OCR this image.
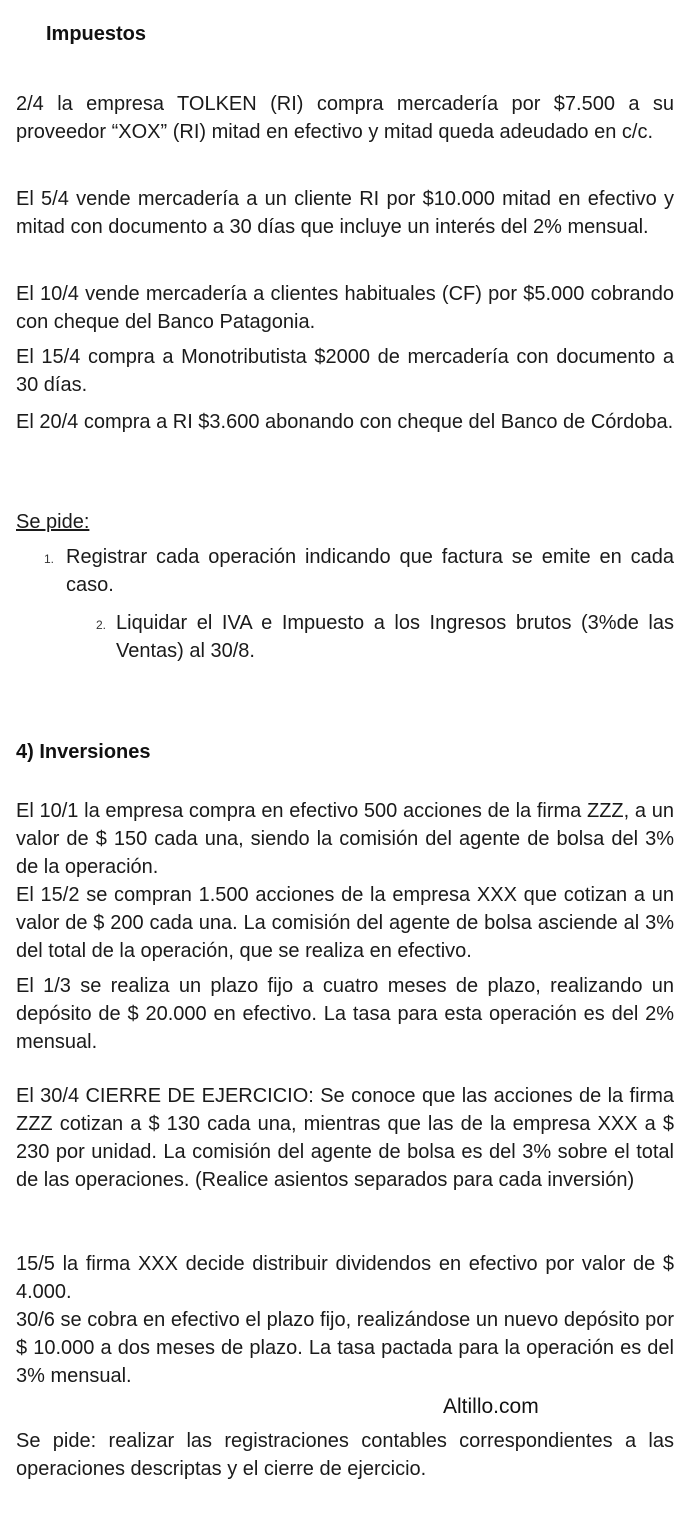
Impuestos

2/4 la empresa TOLKEN (RI) compra mercadería por $7.500 a su proveedor “XOX” (RI) mitad en efectivo y mitad queda adeudado en c/c.

El 5/4 vende mercadería a un cliente RI por $10.000 mitad en efectivo y mitad con documento a 30 días que incluye un interés del 2% mensual.

El 10/4 vende mercadería a clientes habituales (CF) por $5.000 cobrando con cheque del Banco Patagonia.

El 15/4 compra a Monotributista $2000 de mercadería con documento a 30 días.

El 20/4 compra a RI $3.600 abonando con cheque del Banco de Córdoba.

Se pide:

1. Registrar cada operación indicando que factura se emite en cada caso.

2. Liquidar el IVA e Impuesto a los Ingresos brutos (3%de las Ventas) al 30/8.

4) Inversiones

El 10/1 la empresa compra en efectivo 500 acciones de la firma ZZZ, a un valor de $ 150 cada una, siendo la comisión del agente de bolsa del 3% de la operación.

El 15/2 se compran 1.500 acciones de la empresa XXX que cotizan a un valor de $ 200 cada una. La comisión del agente de bolsa asciende al 3% del total de la operación, que se realiza en efectivo.

El 1/3 se realiza un plazo fijo a cuatro meses de plazo, realizando un depósito de $ 20.000 en efectivo. La tasa para esta operación es del 2% mensual.

El 30/4 CIERRE DE EJERCICIO: Se conoce que las acciones de la firma ZZZ cotizan a $ 130 cada una, mientras que las de la empresa XXX a $ 230 por unidad. La comisión del agente de bolsa es del 3% sobre el total de las operaciones. (Realice asientos separados para cada inversión)

15/5 la firma XXX decide distribuir dividendos en efectivo por valor de $ 4.000.

30/6 se cobra en efectivo el plazo fijo, realizándose un nuevo depósito por $ 10.000 a dos meses de plazo. La tasa pactada para la operación es del 3% mensual.

Altillo.com

Se pide: realizar las registraciones contables correspondientes a las operaciones descriptas y el cierre de ejercicio.
